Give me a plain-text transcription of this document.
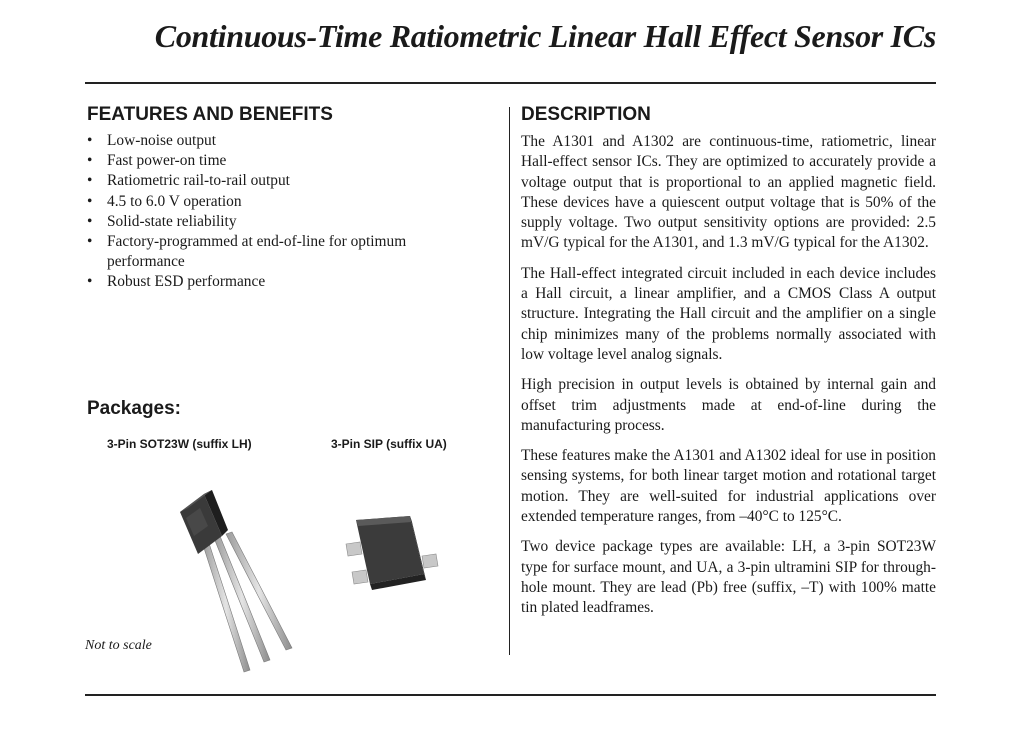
Continuous-Time Ratiometric Linear Hall Effect Sensor ICs
FEATURES AND BENEFITS
• Low-noise output
• Fast power-on time
• Ratiometric rail-to-rail output
• 4.5 to 6.0 V operation
• Solid-state reliability
• Factory-programmed at end-of-line for optimum performance
• Robust ESD performance
Packages:

3-Pin SOT23W (suffix LH)	3-Pin SIP (suffix UA)

Not to scale

DESCRIPTION

The A1301 and A1302 are continuous-time, ratiometric, linear Hall-effect sensor ICs. They are optimized to accurately provide a voltage output that is proportional to an applied magnetic field. These devices have a quiescent output voltage that is 50% of the supply voltage. Two output sensitivity options are provided: 2.5 mV/G typical for the A1301, and 1.3 mV/G typical for the A1302.

The Hall-effect integrated circuit included in each device includes a Hall circuit, a linear amplifier, and a CMOS Class A output structure. Integrating the Hall circuit and the amplifier on a single chip minimizes many of the problems normally associated with low voltage level analog signals.

High precision in output levels is obtained by internal gain and offset trim adjustments made at end-of-line during the manufacturing process.

These features make the A1301 and A1302 ideal for use in position sensing systems, for both linear target motion and rotational target motion. They are well-suited for industrial applications over extended temperature ranges, from –40°C to 125°C.

Two device package types are available: LH, a 3-pin SOT23W type for surface mount, and UA, a 3-pin ultramini SIP for through-hole mount. They are lead (Pb) free (suffix, –T) with 100% matte tin plated leadframes.
